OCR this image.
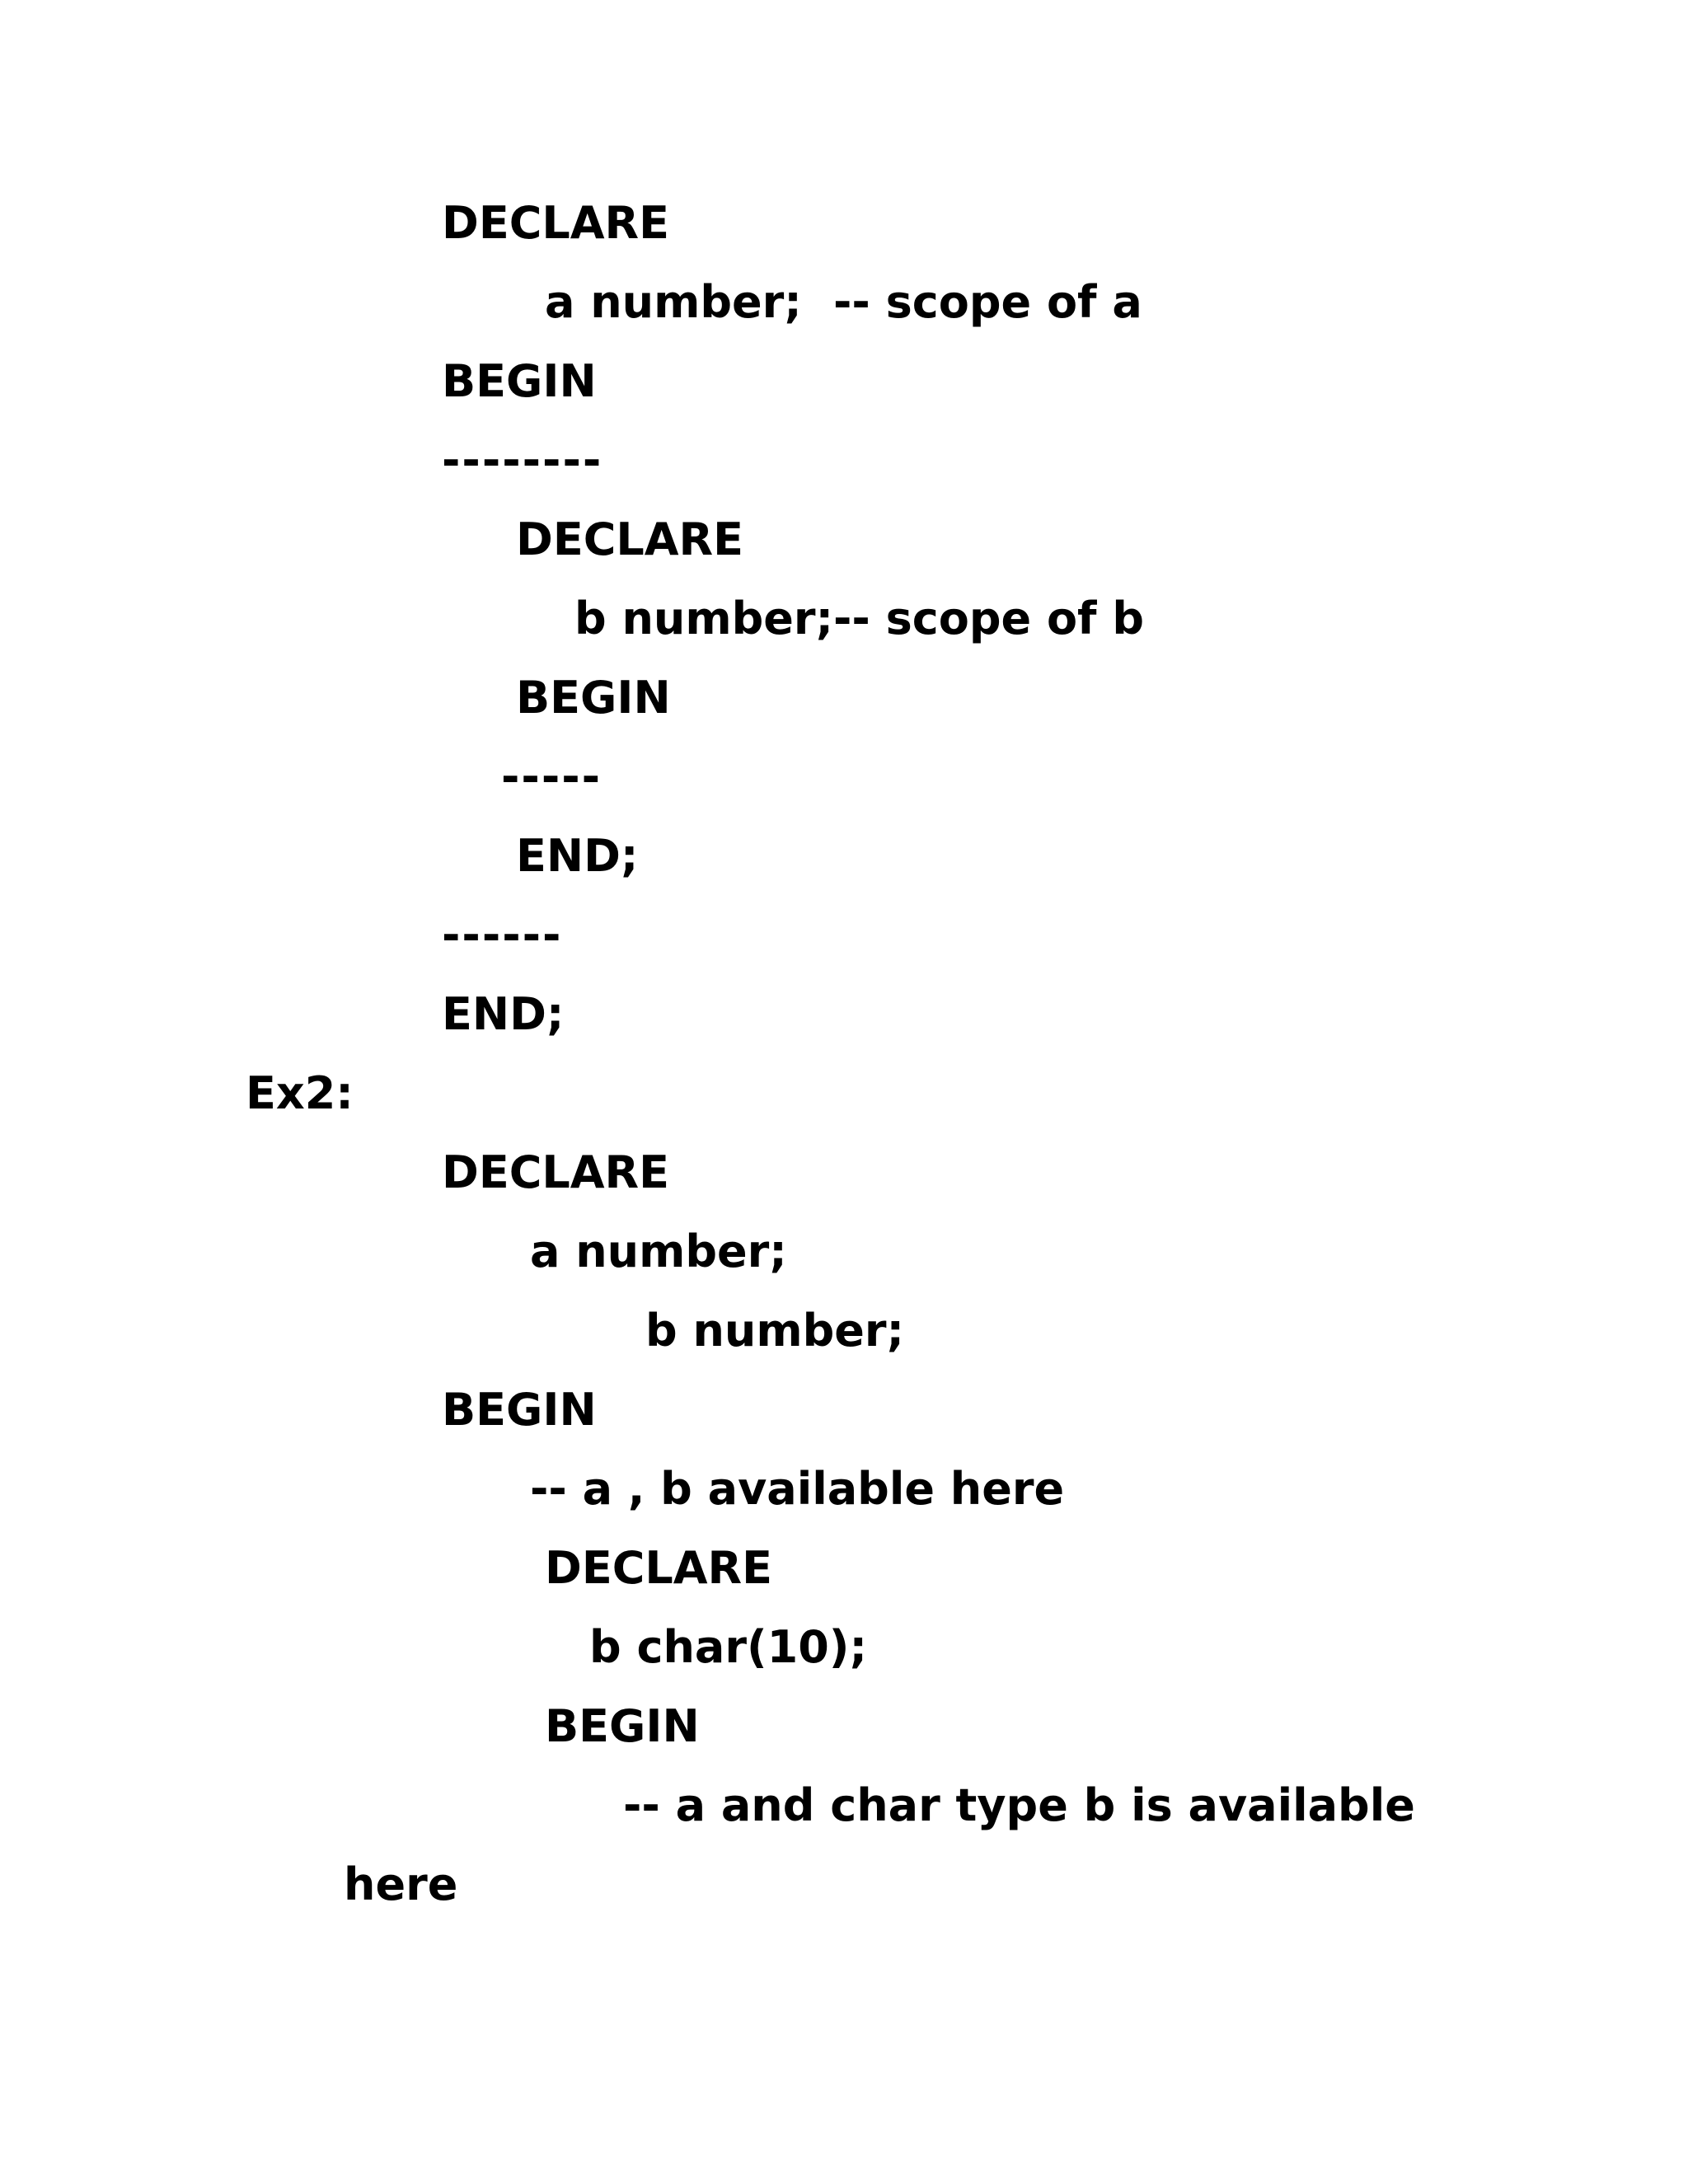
DECLARE
a number; -- scope of a
BEGIN
--------
DECLARE
b number; -- scope of b
BEGIN
-----
END;
------
END;
Ex2:
DECLARE
a number;
b number;
BEGIN
-- a , b available here
DECLARE
b char(10);
BEGIN
-- a and char type b is available
here
